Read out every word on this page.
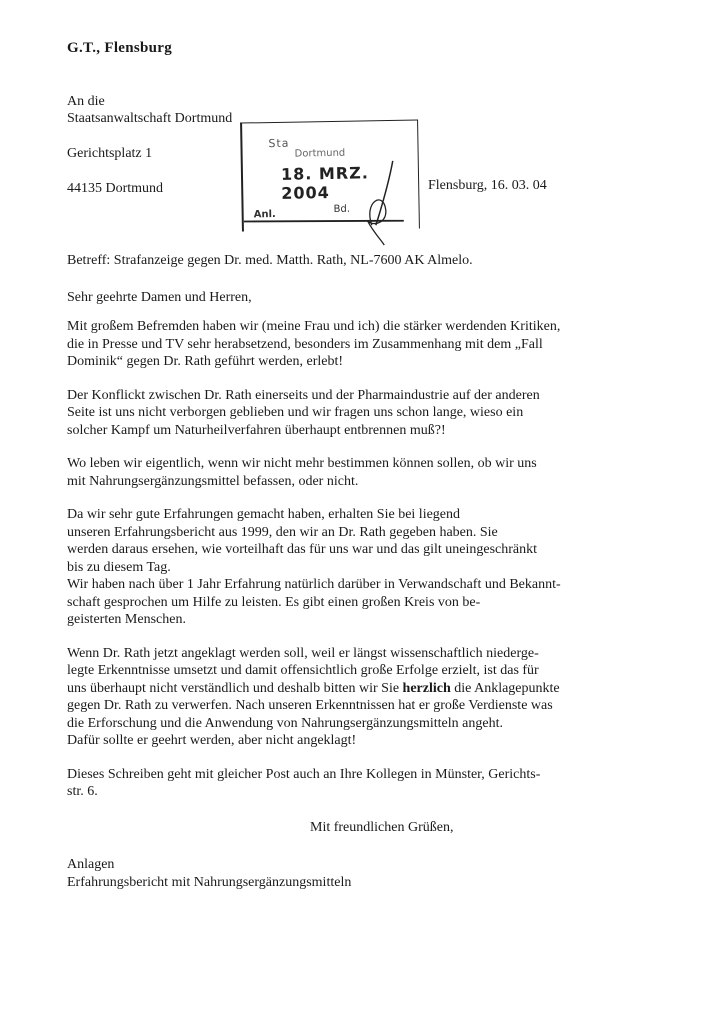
G.T., Flensburg
An die
Staatsanwaltschaft Dortmund
Gerichtsplatz 1
44135 Dortmund
Sta
Dortmund
18. MRZ. 2004
Anl.	Bd.
Flensburg, 16. 03. 04
Betreff: Strafanzeige gegen Dr. med. Matth. Rath, NL-7600 AK Almelo.
Sehr geehrte Damen und Herren,

Mit großem Befremden haben wir (meine Frau und ich) die stärker werdenden Kritiken,
die in Presse und TV sehr herabsetzend, besonders im Zusammenhang mit dem „Fall
Dominik“ gegen Dr. Rath geführt werden, erlebt!

Der Konflickt zwischen Dr. Rath einerseits und der Pharmaindustrie auf der anderen
Seite ist uns nicht verborgen geblieben und wir fragen uns schon lange, wieso ein
solcher Kampf um Naturheilverfahren überhaupt entbrennen muß?!

Wo leben wir eigentlich, wenn wir nicht mehr bestimmen können sollen, ob wir uns
mit Nahrungsergänzungsmittel befassen, oder nicht.

Da wir sehr gute Erfahrungen gemacht haben, erhalten Sie bei liegend
unseren Erfahrungsbericht aus 1999, den wir an Dr. Rath gegeben haben. Sie
werden daraus ersehen, wie vorteilhaft das für uns war und das gilt uneingeschränkt
bis zu diesem Tag.
Wir haben nach über 1 Jahr Erfahrung natürlich darüber in Verwandschaft und Bekannt-
schaft gesprochen um Hilfe zu leisten. Es gibt einen großen Kreis von be-
geisterten Menschen.

Wenn Dr. Rath jetzt angeklagt werden soll, weil er längst wissenschaftlich niederge-
legte Erkenntnisse umsetzt und damit offensichtlich große Erfolge erzielt, ist das für
uns überhaupt nicht verständlich und deshalb bitten wir Sie herzlich die Anklagepunkte
gegen Dr. Rath zu verwerfen. Nach unseren Erkenntnissen hat er große Verdienste was
die Erforschung und die Anwendung von Nahrungsergänzungsmitteln angeht.
Dafür sollte er geehrt werden, aber nicht angeklagt!

Dieses Schreiben geht mit gleicher Post auch an Ihre Kollegen in Münster, Gerichts-
str. 6.

Mit freundlichen Grüßen,
Anlagen
Erfahrungsbericht mit Nahrungsergänzungsmitteln
